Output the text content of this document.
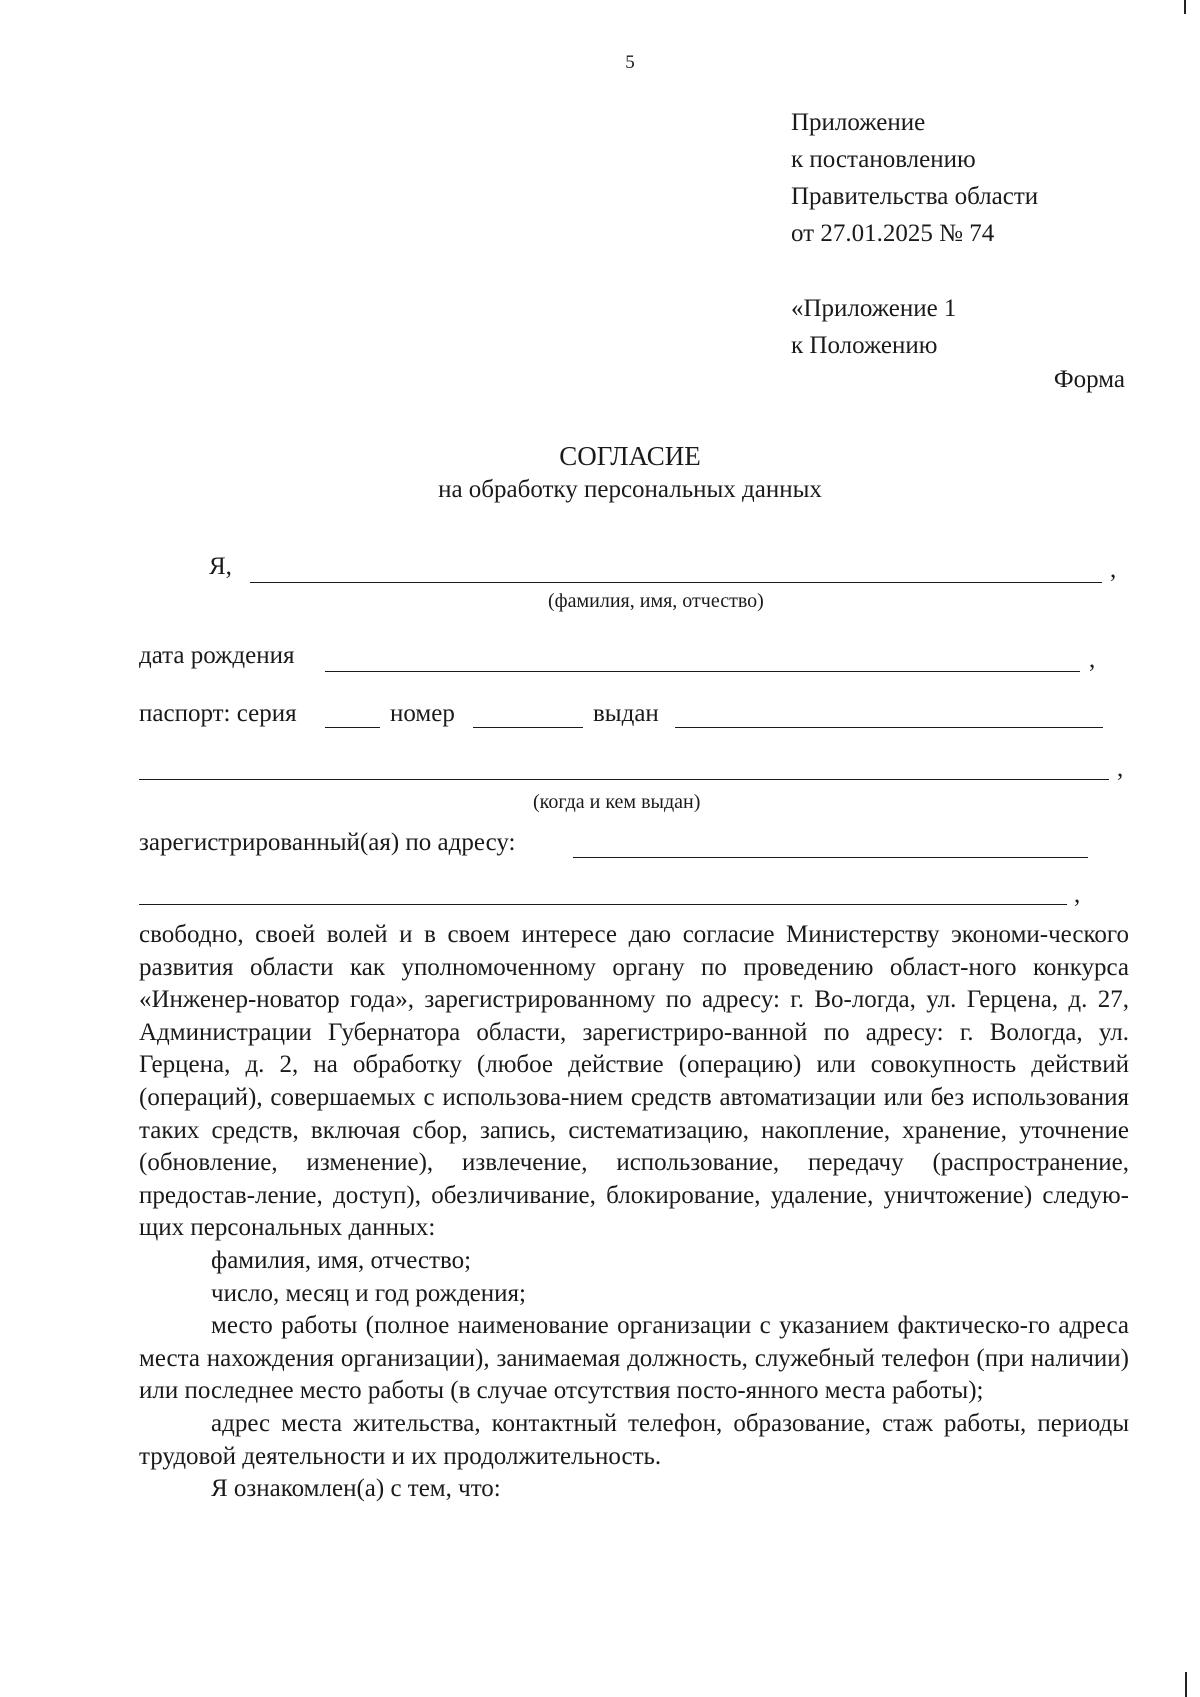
5
Приложение
к постановлению
Правительства области
от 27.01.2025 № 74
«Приложение 1
к Положению
Форма
СОГЛАСИЕ
на обработку персональных данных
Я,	,
(фамилия, имя, отчество)
дата рождения	,
паспорт: серия	номер	выдан
,
(когда и кем выдан)
зарегистрированный(ая) по адресу:
,

свободно, своей волей и в своем интересе даю согласие Министерству экономи-ческого развития области как уполномоченному органу по проведению област-ного конкурса «Инженер-новатор года», зарегистрированному по адресу: г. Во-логда, ул. Герцена, д. 27, Администрации Губернатора области, зарегистриро-ванной по адресу: г. Вологда, ул. Герцена, д. 2, на обработку (любое действие (операцию) или совокупность действий (операций), совершаемых с использова-нием средств автоматизации или без использования таких средств, включая сбор, запись, систематизацию, накопление, хранение, уточнение (обновление, изменение), извлечение, использование, передачу (распространение, предостав-ление, доступ), обезличивание, блокирование, удаление, уничтожение) следую-щих персональных данных:

фамилия, имя, отчество;

число, месяц и год рождения;

место работы (полное наименование организации с указанием фактическо-го адреса места нахождения организации), занимаемая должность, служебный телефон (при наличии) или последнее место работы (в случае отсутствия посто-янного места работы);

адрес места жительства, контактный телефон, образование, стаж работы, периоды трудовой деятельности и их продолжительность.

Я ознакомлен(а) с тем, что:
